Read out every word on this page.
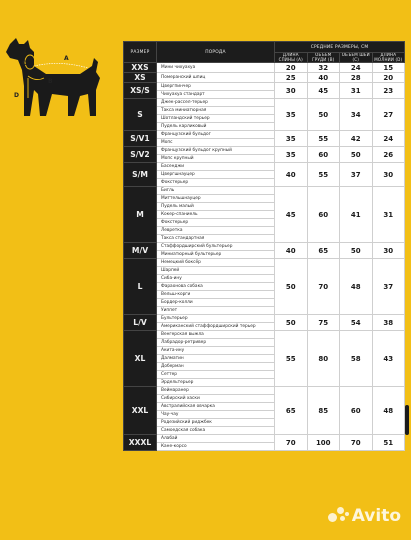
A
B
C
D
РАЗМЕР	ПОРОДА	СРЕДНИЕ РАЗМЕРЫ, СМ			
		ДЛИНА СПИНЫ (A)	ОБЪЕМ ГРУДИ (B)	ОБЪЕМ ШЕИ (C)	ДЛИНА МОЛНИИ (D)
XXS	Мини чихуахуа	20	32	24	15
XS	Померанский шпиц	25	40	28	20
XS/S	Цвергпинчер	30	45	31	23
	Чихуахуа стандарт				
S	Джек-рассел-терьер	35	50	34	27
	Такса миниатюрная				
	Шотландский терьер				
	Пудель карликовый				
S/V1	Французский бульдог	35	55	42	24
	Мопс				
S/V2	Французский бульдог крупный	35	60	50	26
	Мопс крупный				
S/M	Басенджи	40	55	37	30
	Цвергшнауцер				
	Фокстерьер				
M	Бигль	45	60	41	31
	Миттельшнауцер				
	Пудель малый				
	Кокер-спаниель				
	Фокстерьер				
	Левретка				
	Такса стандартная				
M/V	Стаффордширский бультерьер	40	65	50	30
	Миниатюрный бультерьер				
L	Немецкий боксёр	50	70	48	37
	Шарпей				
	Сиба-ину				
	Фараонова собака				
	Вельш-корги				
	Бордер-колли				
	Уиппет				
L/V	Бультерьер	50	75	54	38
	Американский стаффордширский терьер				
XL	Венгерская выжла	55	80	58	43
	Лабрадор-ретривер				
	Акита-ину				
	Далматин				
	Доберман				
	Сеттер				
	Эрдельтерьер				
XXL	Веймаранер	65	85	60	48
	Сибирский хаски				
	Австралийская овчарка				
	Чау-чау				
	Родезийский риджбек				
	Самоедская собака				
XXXL	Алабай	70	100	70	51
	Кане-корсо				
Avito
